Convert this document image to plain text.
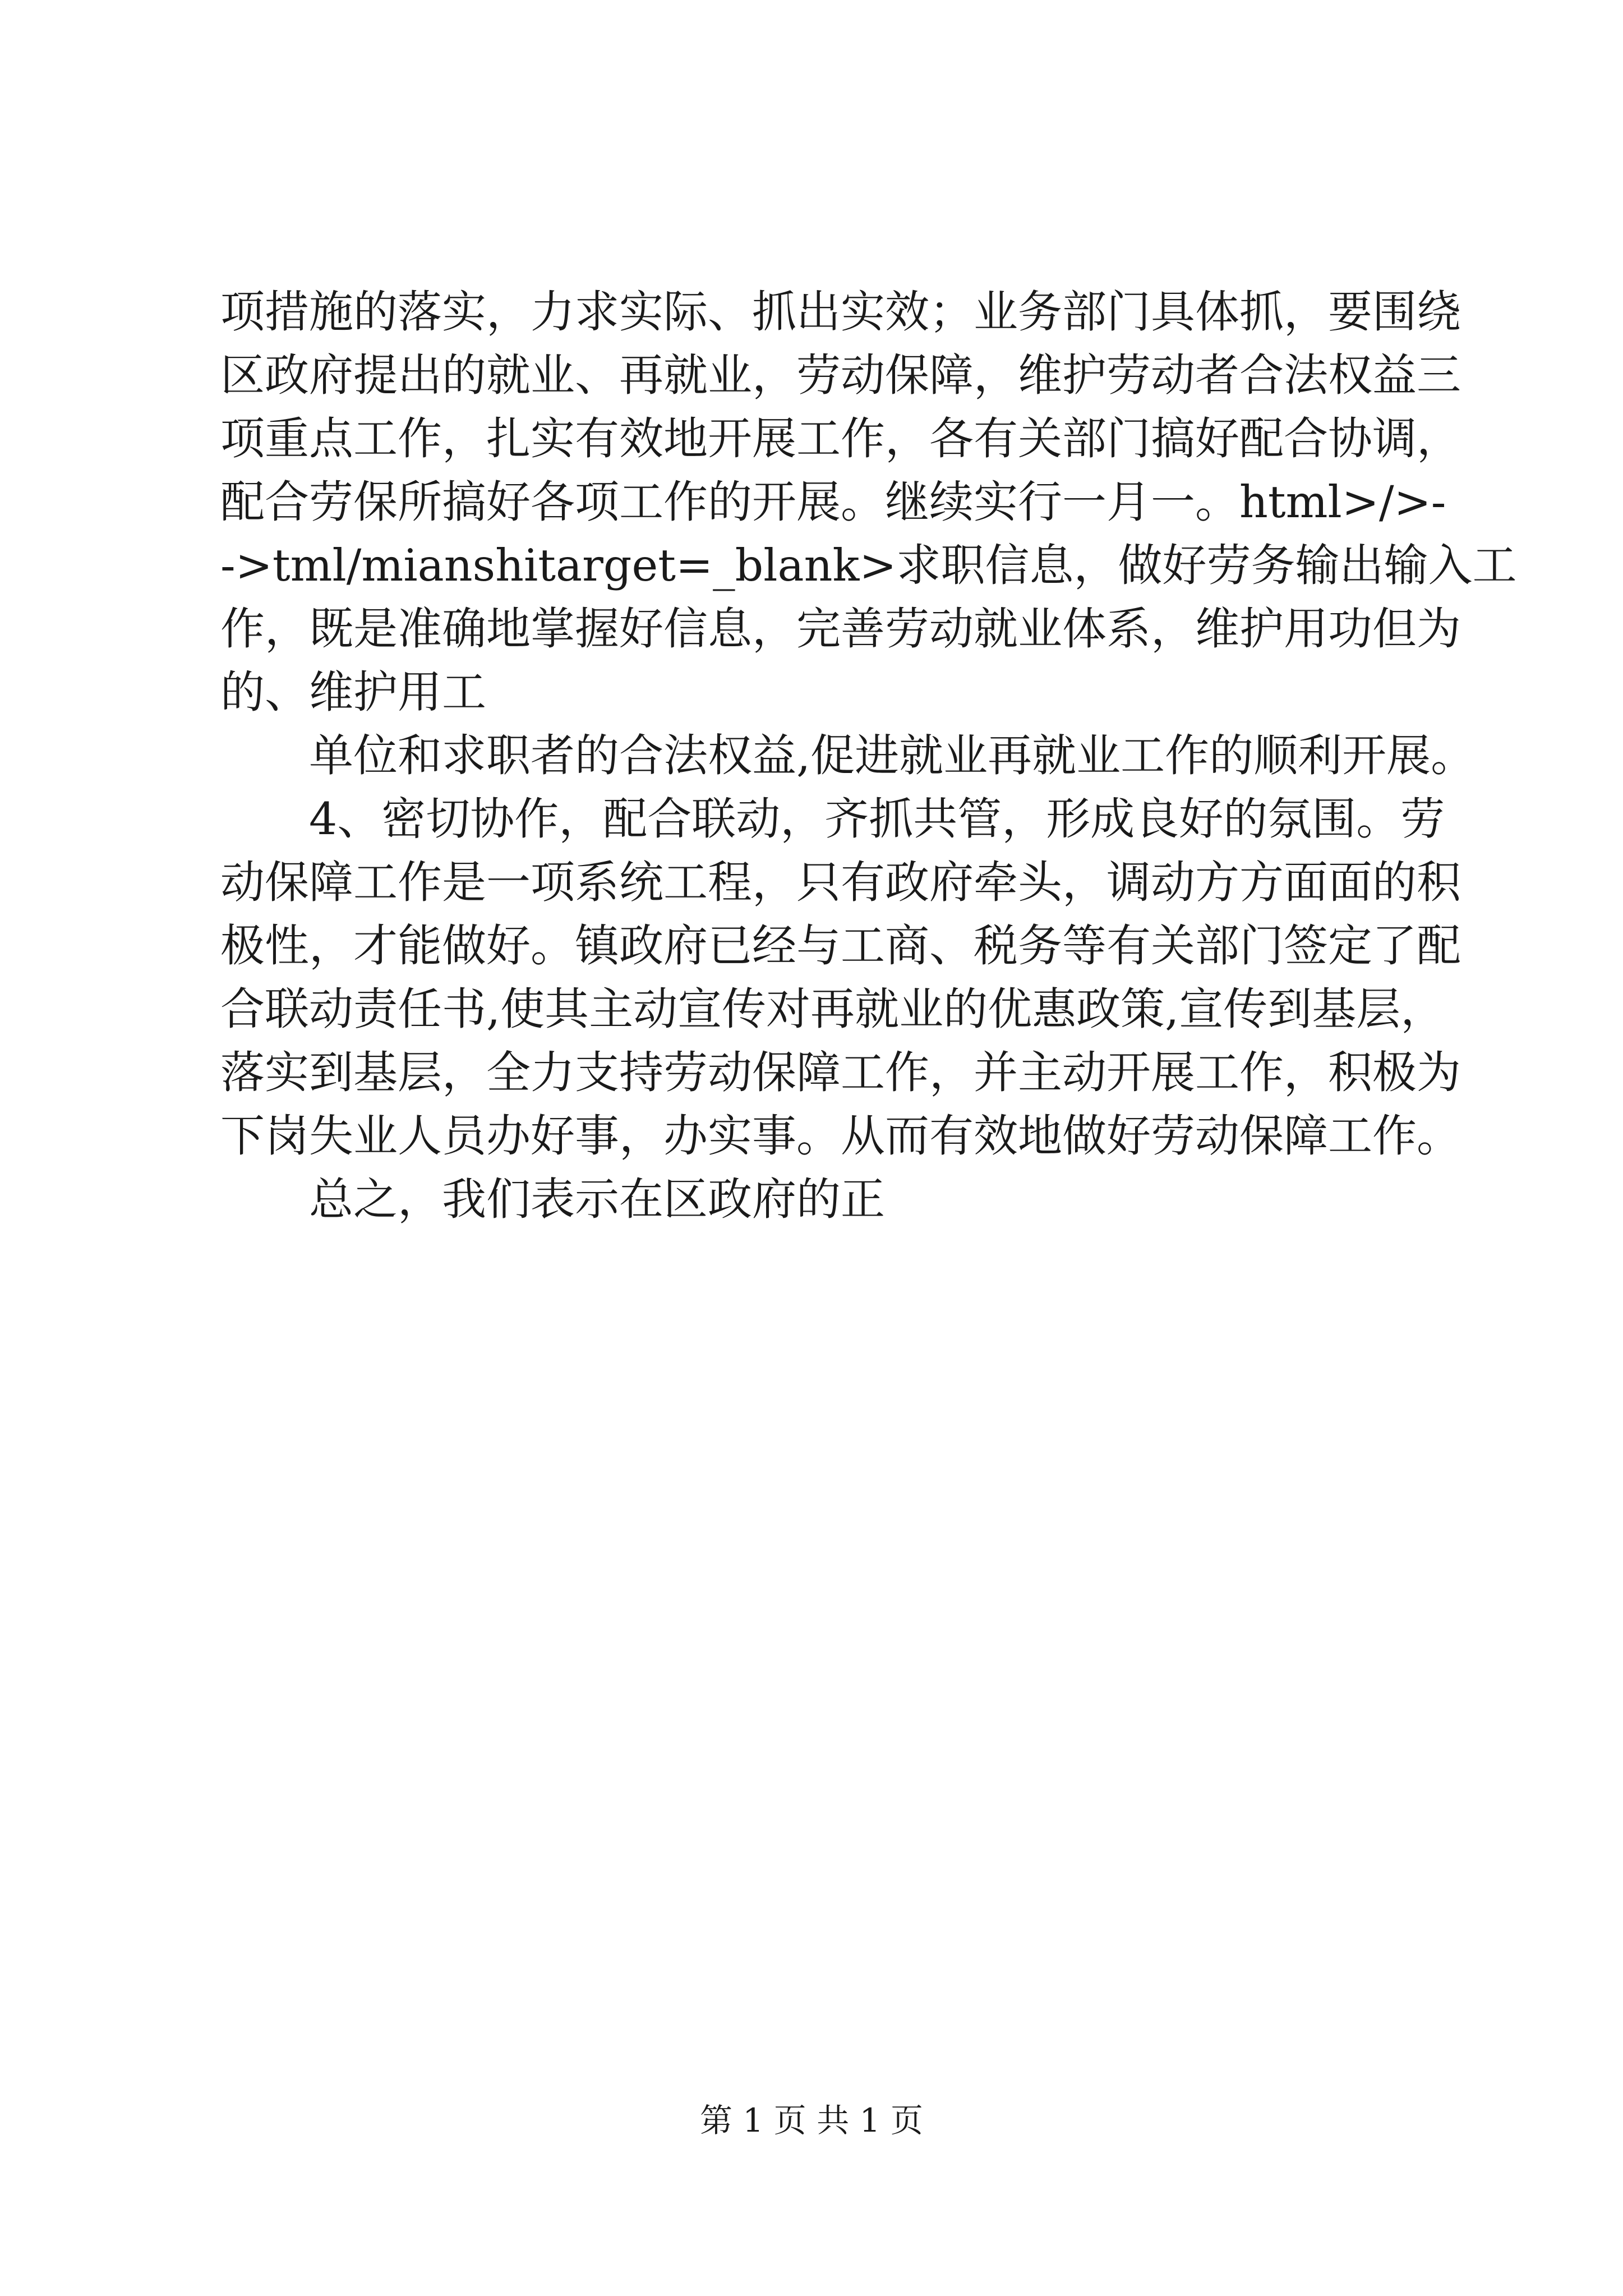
项措施的落实，力求实际、抓出实效；业务部门具体抓，要围绕
区政府提出的就业、再就业，劳动保障，维护劳动者合法权益三
项重点工作，扎实有效地开展工作，各有关部门搞好配合协调，
配合劳保所搞好各项工作的开展。继续实行一月一。html>/>-
->tml/mianshitarget=_blank>求职信息，做好劳务输出输入工
作，既是准确地掌握好信息，完善劳动就业体系，维护用功但为
的、维护用工

单位和求职者的合法权益,促进就业再就业工作的顺利开展。

4、密切协作，配合联动，齐抓共管，形成良好的氛围。劳
动保障工作是一项系统工程，只有政府牵头，调动方方面面的积
极性，才能做好。镇政府已经与工商、税务等有关部门签定了配
合联动责任书,使其主动宣传对再就业的优惠政策,宣传到基层，
落实到基层，全力支持劳动保障工作，并主动开展工作，积极为
下岗失业人员办好事，办实事。从而有效地做好劳动保障工作。

总之，我们表示在区政府的正

第 1 页 共 1 页
